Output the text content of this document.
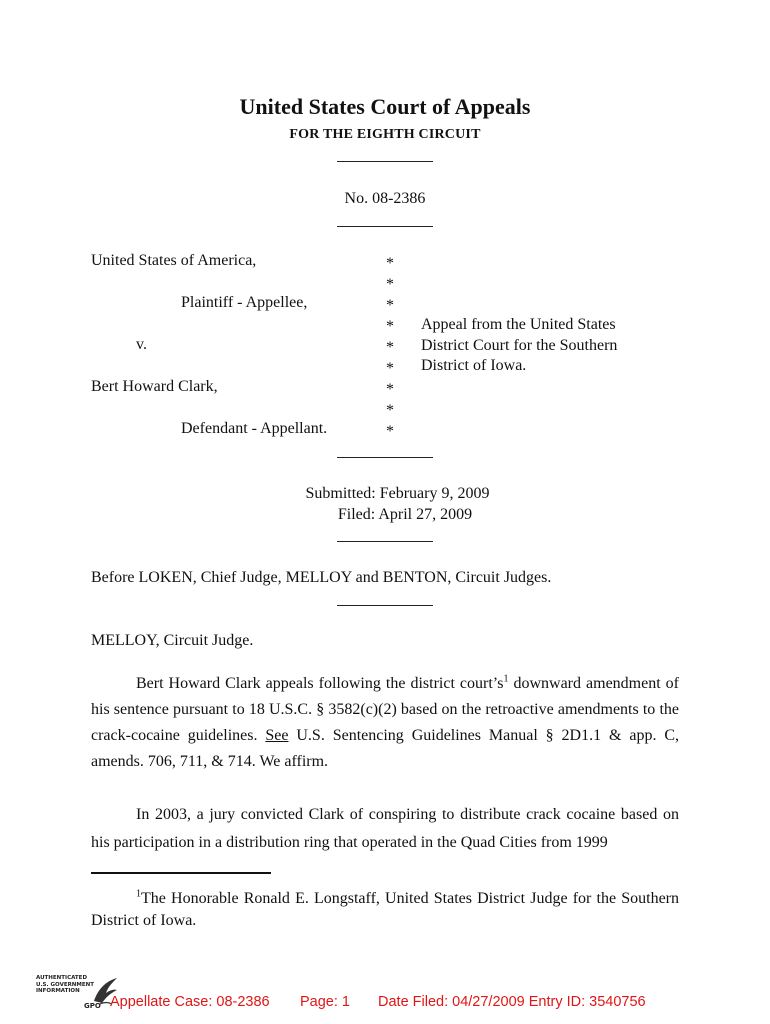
United States Court of Appeals
FOR THE EIGHTH CIRCUIT
No. 08-2386
United States of America,
Plaintiff - Appellee,
v.
Bert Howard Clark,
Defendant - Appellant.
*
*
*
*
*
*
*
*
*
Appeal from the United States
District Court for the Southern
District of Iowa.
Submitted: February 9, 2009
Filed: April 27, 2009
Before LOKEN, Chief Judge, MELLOY and BENTON, Circuit Judges.
MELLOY, Circuit Judge.
Bert Howard Clark appeals following the district $court’s^1$ downward amendment of his sentence pursuant to 18 U.S.C. § 3582(c)(2) based on the retroactive amendments to the crack-cocaine guidelines. See U.S. Sentencing Guidelines Manual § 2D1.1 & app. C, amends. 706, 711, & 714. We affirm.
In 2003, a jury convicted Clark of conspiring to distribute crack cocaine based on his participation in a distribution ring that operated in the Quad Cities from 1999
$^1$The Honorable Ronald E. Longstaff, United States District Judge for the Southern District of Iowa.
AUTHENTICATED
U.S. GOVERNMENT
INFORMATION
GPO Appellate Case: 08-2386 Page: 1 Date Filed: 04/27/2009 Entry ID: 3540756
